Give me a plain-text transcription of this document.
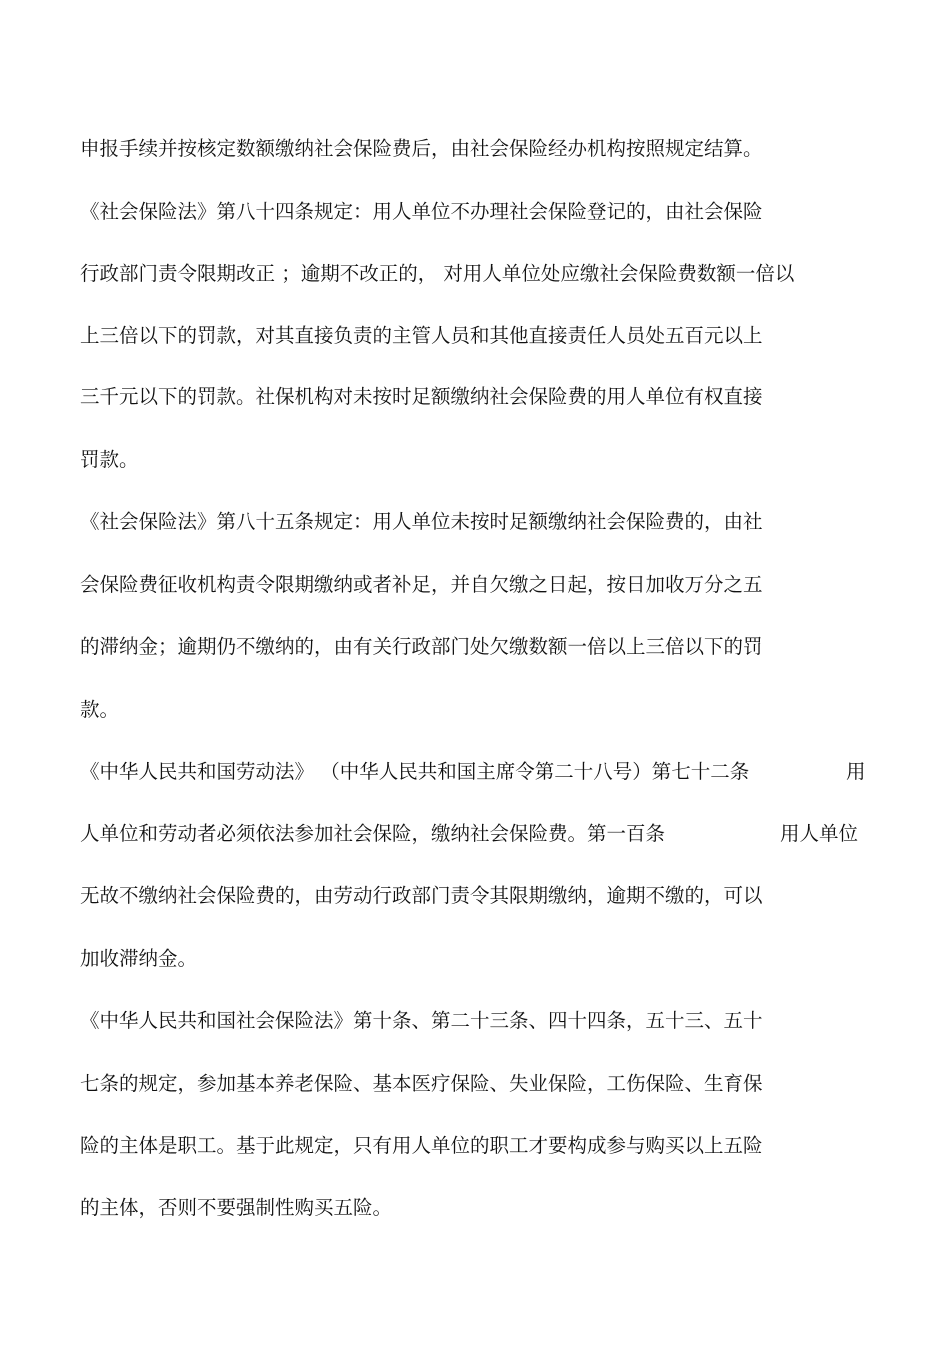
申报手续并按核定数额缴纳社会保险费后，由社会保险经办机构按照规定结算。
《社会保险法》第八十四条规定：用人单位不办理社会保险登记的，由社会保险
行政部门责令限期改正 ；逾期不改正的， 对用人单位处应缴社会保险费数额一倍以
上三倍以下的罚款，对其直接负责的主管人员和其他直接责任人员处五百元以上
三千元以下的罚款。社保机构对未按时足额缴纳社会保险费的用人单位有权直接
罚款。
《社会保险法》第八十五条规定：用人单位未按时足额缴纳社会保险费的，由社
会保险费征收机构责令限期缴纳或者补足，并自欠缴之日起，按日加收万分之五
的滞纳金；逾期仍不缴纳的，由有关行政部门处欠缴数额一倍以上三倍以下的罚
款。
《中华人民共和国劳动法》 （中华人民共和国主席令第二十八号）第七十二条	用
人单位和劳动者必须依法参加社会保险，缴纳社会保险费。第一百条	用人单位
无故不缴纳社会保险费的，由劳动行政部门责令其限期缴纳，逾期不缴的，可以
加收滞纳金。
《中华人民共和国社会保险法》第十条、第二十三条、四十四条，五十三、五十
七条的规定，参加基本养老保险、基本医疗保险、失业保险，工伤保险、生育保
险的主体是职工。基于此规定，只有用人单位的职工才要构成参与购买以上五险
的主体，否则不要强制性购买五险。
